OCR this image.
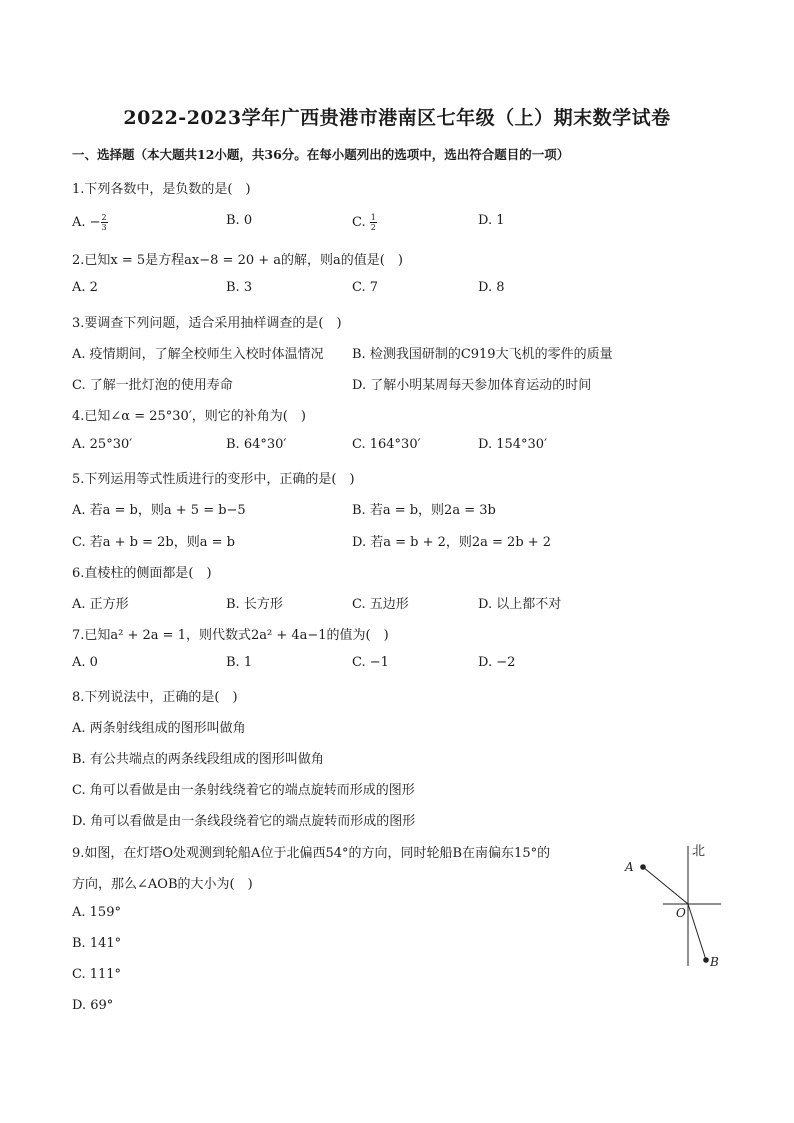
2022-2023学年广西贵港市港南区七年级（上）期末数学试卷
一、选择题（本大题共12小题，共36分。在每小题列出的选项中，选出符合题目的一项）
1.下列各数中，是负数的是(　)
A. − $\frac{2}{3}$	B. 0	C. $\frac{1}{2}$	D. 1
2.已知x = 5是方程ax−8 = 20 + a的解，则a的值是(　)
A. 2	B. 3	C. 7	D. 8
3.要调查下列问题，适合采用抽样调查的是(　)
A. 疫情期间，了解全校师生入校时体温情况 B. 检测我国研制的C919大飞机的零件的质量
C. 了解一批灯泡的使用寿命	D. 了解小明某周每天参加体育运动的时间
4.已知∠α = 25°30′，则它的补角为(　)
A. 25°30′	B. 64°30′	C. 164°30′	D. 154°30′
5.下列运用等式性质进行的变形中，正确的是(　)
A. 若a = b，则a + 5 = b−5	B. 若a = b，则2a = 3b
C. 若a + b = 2b，则a = b	D. 若a = b + 2，则2a = 2b + 2
6.直棱柱的侧面都是(　)
A. 正方形	B. 长方形	C. 五边形	D. 以上都不对
7.已知a² + 2a = 1，则代数式2a² + 4a−1的值为(　)
A. 0	B. 1	C. −1	D. −2
8.下列说法中，正确的是(　)
A. 两条射线组成的图形叫做角
B. 有公共端点的两条线段组成的图形叫做角
C. 角可以看做是由一条射线绕着它的端点旋转而形成的图形
D. 角可以看做是由一条线段绕着它的端点旋转而形成的图形
9.如图，在灯塔O处观测到轮船A位于北偏西54°的方向，同时轮船B在南偏东15°的
方向，那么∠AOB的大小为(　)
A. 159°
B. 141°
C. 111°
D. 69°
北
A
O
B
